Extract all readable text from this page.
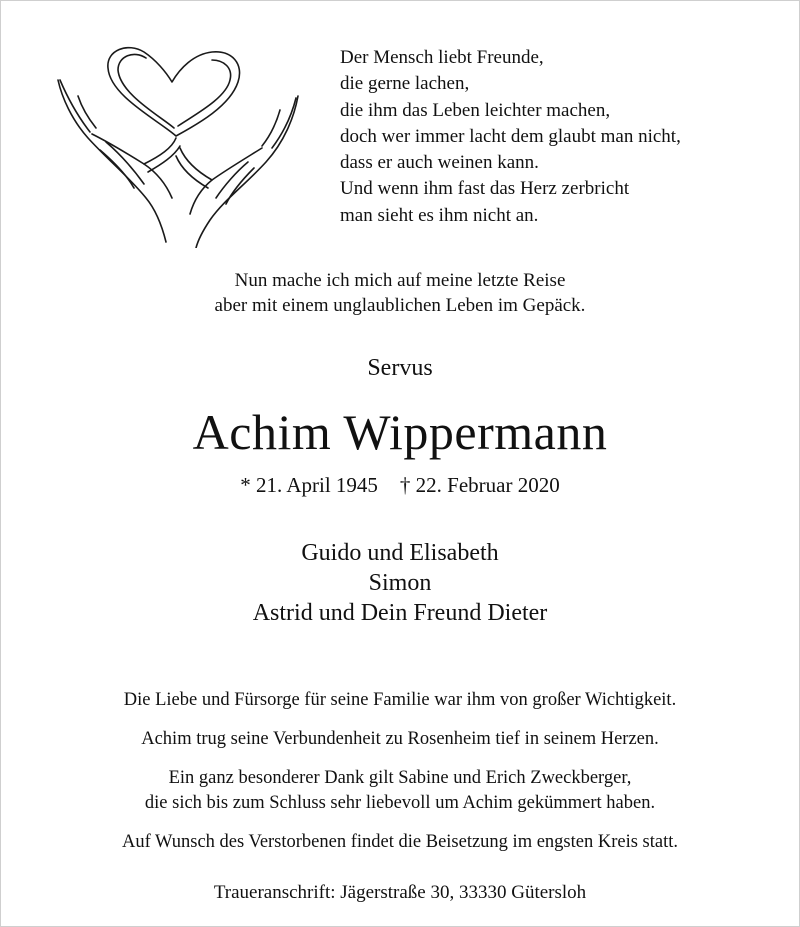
Der Mensch liebt Freunde,
die gerne lachen,
die ihm das Leben leichter machen,
doch wer immer lacht dem glaubt man nicht,
dass er auch weinen kann.
Und wenn ihm fast das Herz zerbricht
man sieht es ihm nicht an.
Nun mache ich mich auf meine letzte Reise
aber mit einem unglaublichen Leben im Gepäck.
Servus
Achim Wippermann
* 21. April 1945 † 22. Februar 2020
Guido und Elisabeth
Simon
Astrid und Dein Freund Dieter

Die Liebe und Fürsorge für seine Familie war ihm von großer Wichtigkeit.

Achim trug seine Verbundenheit zu Rosenheim tief in seinem Herzen.

Ein ganz besonderer Dank gilt Sabine und Erich Zweckberger,
die sich bis zum Schluss sehr liebevoll um Achim gekümmert haben.

Auf Wunsch des Verstorbenen findet die Beisetzung im engsten Kreis statt.

Traueranschrift: Jägerstraße 30, 33330 Gütersloh
